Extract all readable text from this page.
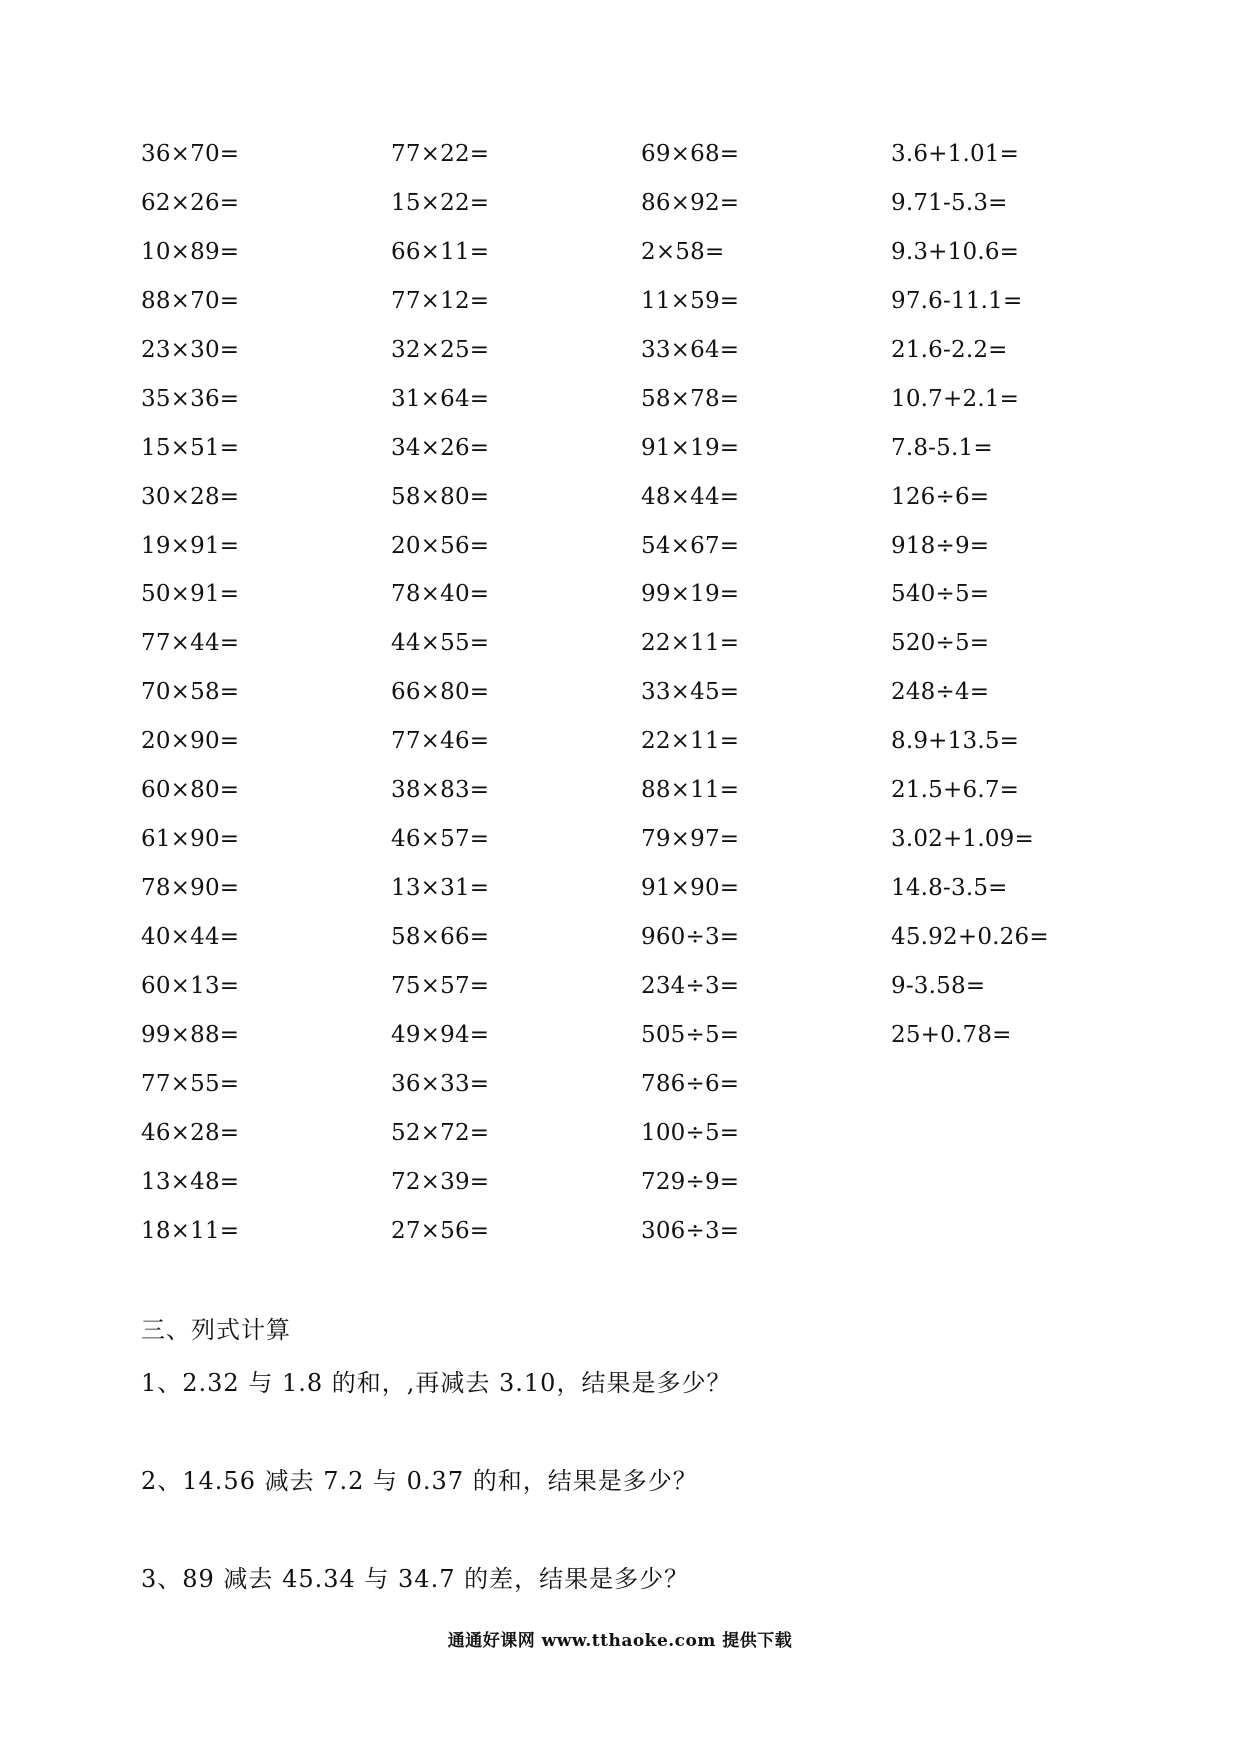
36×70=
62×26=
10×89=
88×70=
23×30=
35×36=
15×51=
30×28=
19×91=
50×91=
77×44=
70×58=
20×90=
60×80=
61×90=
78×90=
40×44=
60×13=
99×88=
77×55=
46×28=
13×48=
18×11=
77×22=
15×22=
66×11=
77×12=
32×25=
31×64=
34×26=
58×80=
20×56=
78×40=
44×55=
66×80=
77×46=
38×83=
46×57=
13×31=
58×66=
75×57=
49×94=
36×33=
52×72=
72×39=
27×56=
69×68=
86×92=
2×58=
11×59=
33×64=
58×78=
91×19=
48×44=
54×67=
99×19=
22×11=
33×45=
22×11=
88×11=
79×97=
91×90=
960÷3=
234÷3=
505÷5=
786÷6=
100÷5=
729÷9=
306÷3=
3.6+1.01=
9.71-5.3=
9.3+10.6=
97.6-11.1=
21.6-2.2=
10.7+2.1=
7.8-5.1=
126÷6=
918÷9=
540÷5=
520÷5=
248÷4=
8.9+13.5=
21.5+6.7=
3.02+1.09=
14.8-3.5=
45.92+0.26=
9-3.58=
25+0.78=
三、列式计算
1、2.32 与 1.8 的和，,再减去 3.10，结果是多少？
2、14.56 减去 7.2 与 0.37 的和，结果是多少？
3、89 减去 45.34 与 34.7 的差，结果是多少？
通通好课网 www.tthaoke.com 提供下载
